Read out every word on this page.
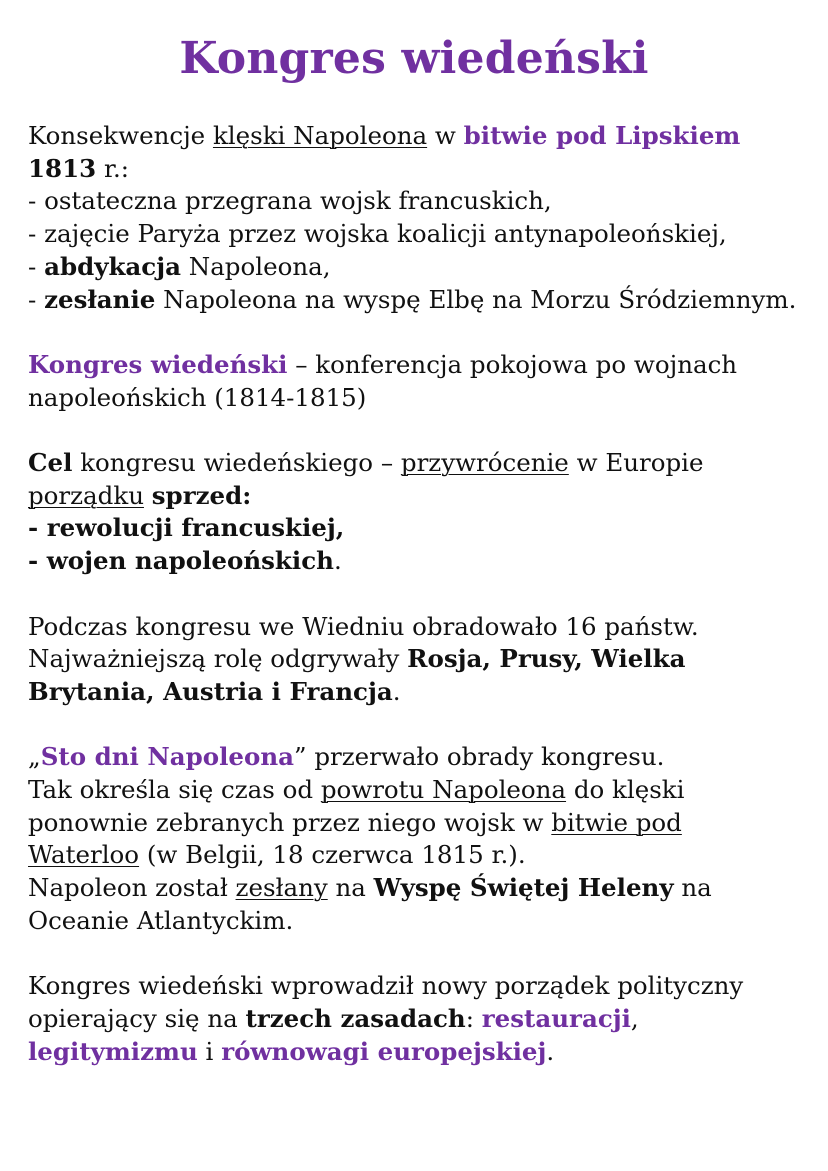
Kongres wiedeński

Konsekwencje klęski Napoleona w bitwie pod Lipskiem
1813 r.:

- ostateczna przegrana wojsk francuskich,

- zajęcie Paryża przez wojska koalicji antynapoleońskiej,

- abdykacja Napoleona,

- zesłanie Napoleona na wyspę Elbę na Morzu Śródziemnym.

Kongres wiedeński – konferencja pokojowa po wojnach napoleońskich (1814-1815)

Cel kongresu wiedeńskiego – przywrócenie w Europie porządku sprzed:

- rewolucji francuskiej,

- wojen napoleońskich.

Podczas kongresu we Wiedniu obradowało 16 państw. Najważniejszą rolę odgrywały Rosja, Prusy, Wielka Brytania, Austria i Francja.

„Sto dni Napoleona” przerwało obrady kongresu.

Tak określa się czas od powrotu Napoleona do klęski ponownie zebranych przez niego wojsk w bitwie pod Waterloo (w Belgii, 18 czerwca 1815 r.).

Napoleon został zesłany na Wyspę Świętej Heleny na Oceanie Atlantyckim.

Kongres wiedeński wprowadził nowy porządek polityczny opierający się na trzech zasadach: restauracji, legitymizmu i równowagi europejskiej.
